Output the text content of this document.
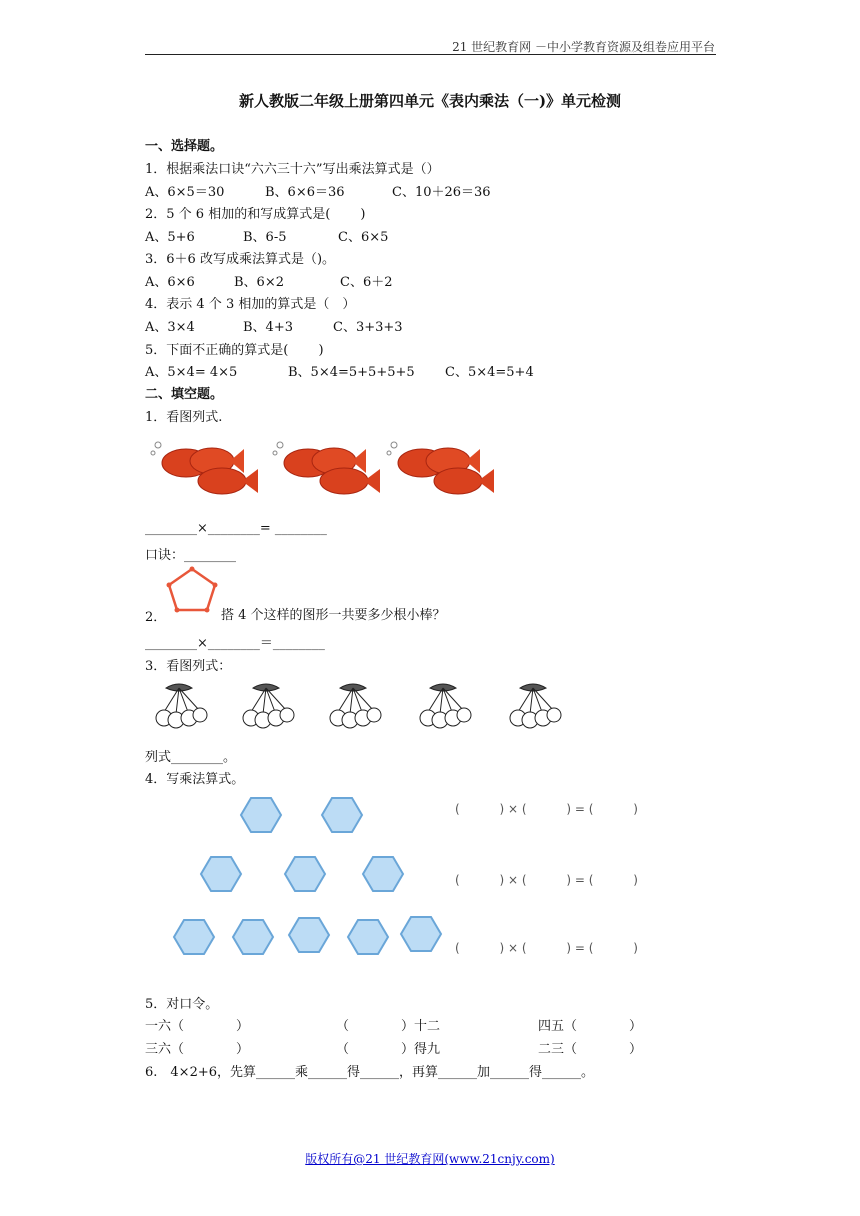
21 世纪教育网 －中小学教育资源及组卷应用平台
新人教版二年级上册第四单元《表内乘法（一)》单元检测
一、选择题。
1．根据乘法口诀“六六三十六”写出乘法算式是（）
A、6×5＝30	B、6×6＝36	C、10＋26＝36
2．5 个 6 相加的和写成算式是(　　 )
A、5+6	B、6-5	C、6×5
3．6＋6 改写成乘法算式是（)。
A、6×6	B、6×2	C、6＋2
4．表示 4 个 3 相加的算式是（　）
A、3×4	B、4+3	C、3+3+3
5．下面不正确的算式是(　　 )
A、5×4= 4×5	B、5×4=5+5+5+5 C、5×4=5+4
二、填空题。
1．看图列式.
________×________= ________
口诀：________
2．	搭 4 个这样的图形一共要多少根小棒？
________×________＝________
3．看图列式：
列式________。
4．写乘法算式。
(　　　 ) × (　　　 ) = (　　　 )
(　　　 ) × (　　　 ) = (　　　 )
(　　　 ) × (　　　 ) = (　　　 )
5．对口令。
一六（　　　　）	（　　　　）十二	四五（　　　　）
三六（　　　　）	（　　　　）得九	二三（　　　　）
6.　4×2+6，先算______乘______得______，再算______加______得______。
版权所有@21 世纪教育网(www.21cnjy.com)
